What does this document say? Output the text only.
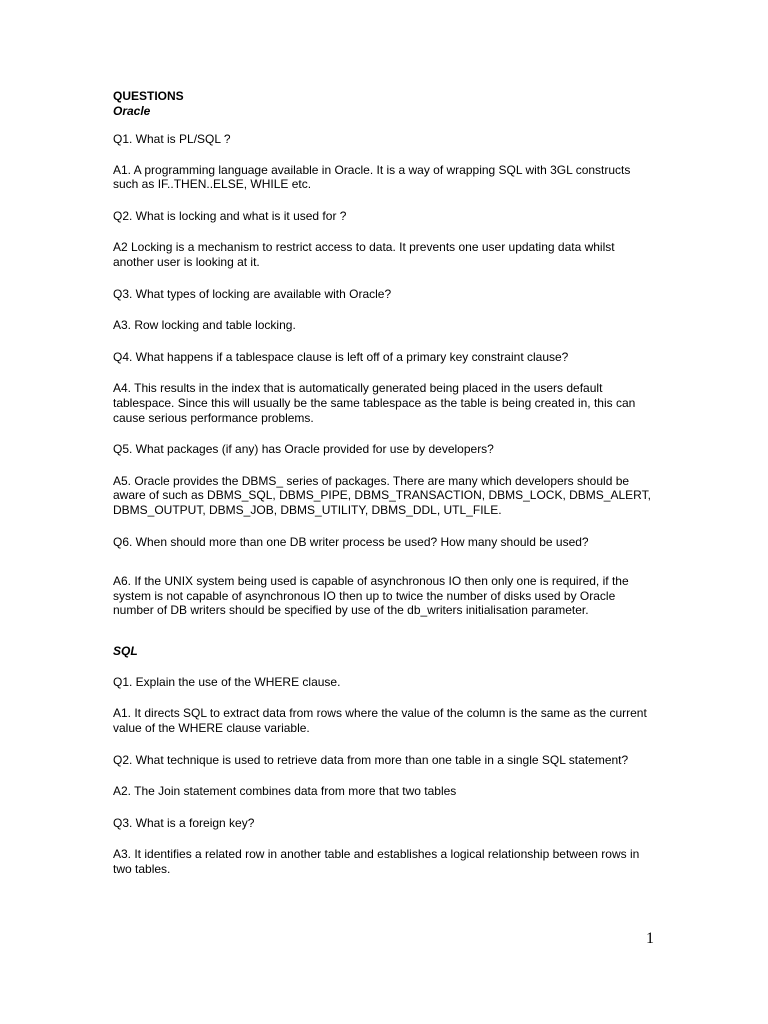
QUESTIONS
Oracle
Q1. What is PL/SQL ?
A1. A programming language available in Oracle. It is a way of wrapping SQL with 3GL constructs such as IF..THEN..ELSE, WHILE etc.
Q2. What is locking and what is it used for ?
A2 Locking is a mechanism to restrict access to data. It prevents one user updating data whilst another user is looking at it.
Q3. What types of locking are available with Oracle?
A3. Row locking and table locking.
Q4. What happens if a tablespace clause is left off of a primary key constraint clause?
A4. This results in the index that is automatically generated being placed in the users default tablespace. Since this will usually be the same tablespace as the table is being created in, this can cause serious performance problems.
Q5. What packages (if any) has Oracle provided for use by developers?
A5. Oracle provides the DBMS_ series of packages. There are many which developers should be aware of such as DBMS_SQL, DBMS_PIPE, DBMS_TRANSACTION, DBMS_LOCK, DBMS_ALERT, DBMS_OUTPUT, DBMS_JOB, DBMS_UTILITY, DBMS_DDL, UTL_FILE.
Q6. When should more than one DB writer process be used? How many should be used?
A6. If the UNIX system being used is capable of asynchronous IO then only one is required, if the system is not capable of asynchronous IO then up to twice the number of disks used by Oracle number of DB writers should be specified by use of the db_writers initialisation parameter.
SQL
Q1. Explain the use of the WHERE clause.
A1. It directs SQL to extract data from rows where the value of the column is the same as the current value of the WHERE clause variable.
Q2. What technique is used to retrieve data from more than one table in a single SQL statement?
A2. The Join statement combines data from more that two tables
Q3. What is a foreign key?
A3. It identifies a related row in another table and establishes a logical relationship between rows in two tables.
1
